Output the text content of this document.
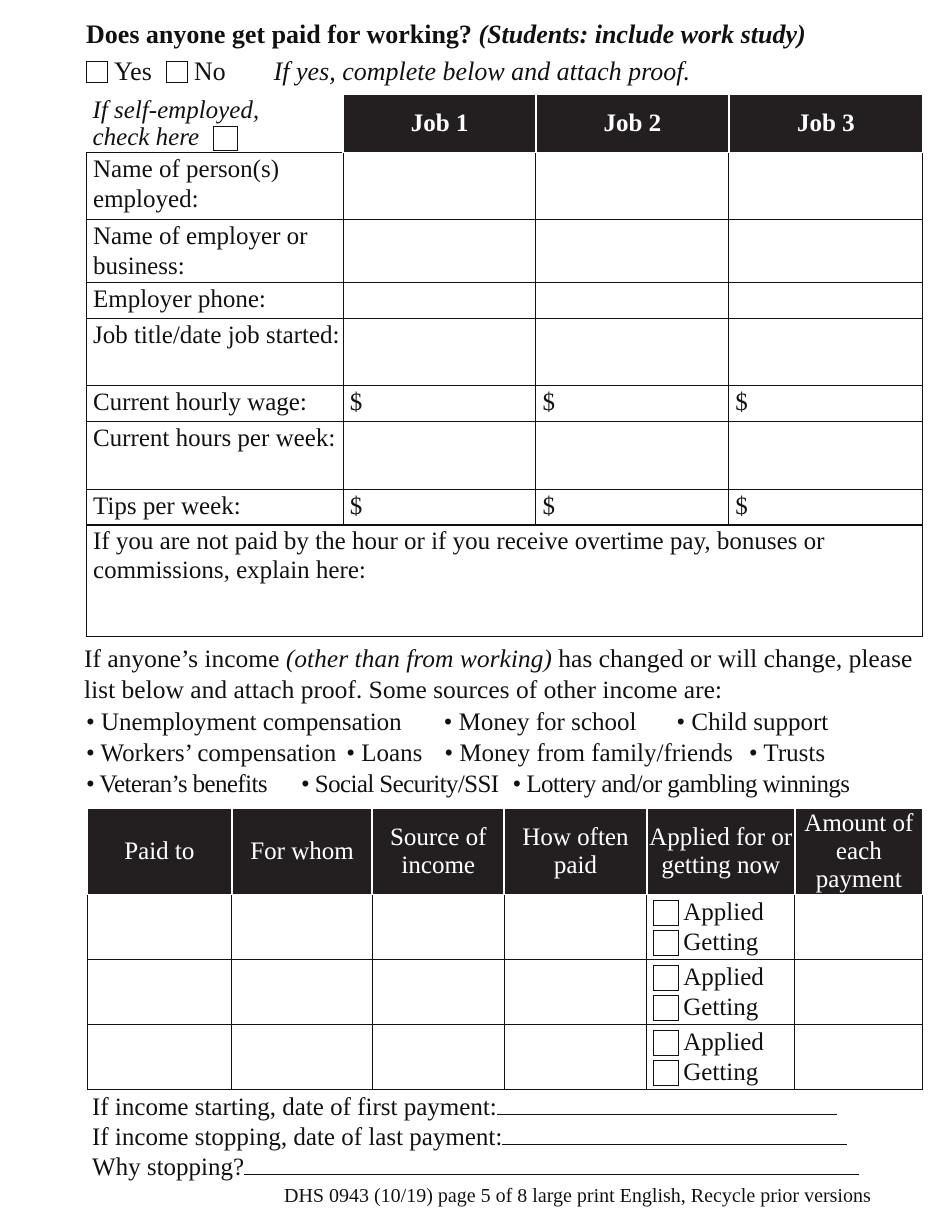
Does anyone get paid for working? (Students: include work study)
Yes No If yes, complete below and attach proof.
If self-employed,
check here	Job 1	Job 2	Job 3
Name of person(s) employed:			
Name of employer or business:			
Employer phone:			
Job title/date job started:			
Current hourly wage:	$	$	$
Current hours per week:			
Tips per week:	$	$	$
If you are not paid by the hour or if you receive overtime pay, bonuses or commissions, explain here:
If anyone’s income (other than from working) has changed or will change, please list below and attach proof. Some sources of other income are:
• Unemployment compensation • Money for school • Child support
• Workers’ compensation • Loans • Money from family/friends • Trusts
• Veteran’s benefits • Social Security/SSI • Lottery and/or gambling winnings
Paid to	For whom	Source of income	How often paid	Applied for or getting now	Amount of each payment

				Applied
Getting	

				Applied
Getting	

				Applied
Getting	

If income starting, date of first payment:
If income stopping, date of last payment:
Why stopping?
DHS 0943 (10/19) page 5 of 8 large print English, Recycle prior versions
